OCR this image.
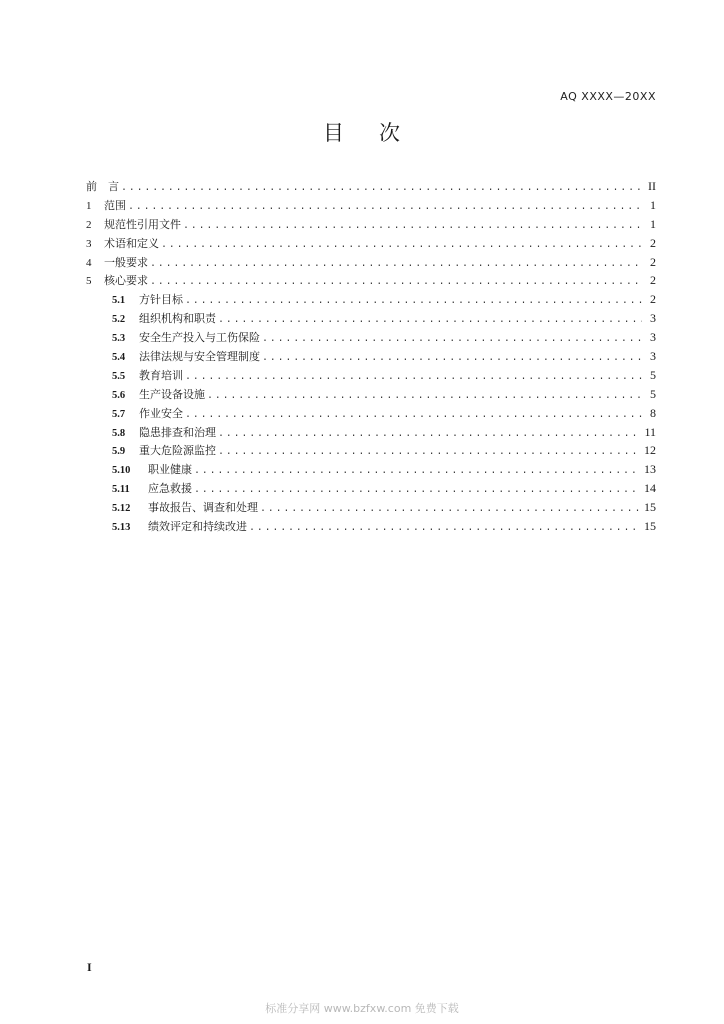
AQ XXXX—20XX
目 次
前　言 .....	II
1	范围 .....	1
2	规范性引用文件 .....	1
3	术语和定义 .....	2
4	一般要求 .....	2
5	核心要求 .....	2
5.1	方针目标 .....	2
5.2	组织机构和职责 .....	3
5.3	安全生产投入与工伤保险 .....	3
5.4	法律法规与安全管理制度 .....	3
5.5	教育培训 .....	5
5.6	生产设备设施 .....	5
5.7	作业安全 .....	8
5.8	隐患排查和治理 .....	11
5.9	重大危险源监控 .....	12
5.10	职业健康 .....	13
5.11	应急救援 .....	14
5.12	事故报告、调查和处理 .....	15
5.13	绩效评定和持续改进 .....	15
I
标准分享网 www.bzfxw.com 免费下载
